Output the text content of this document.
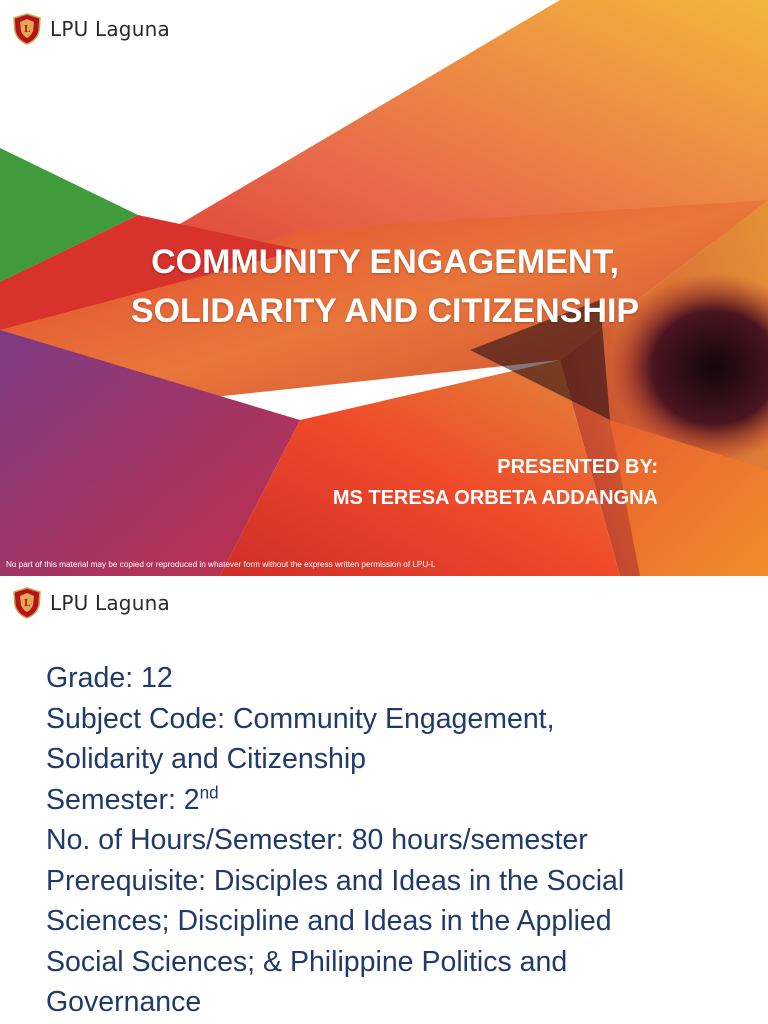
L LPU Laguna
COMMUNITY ENGAGEMENT,
SOLIDARITY AND CITIZENSHIP
PRESENTED BY:
MS TERESA ORBETA ADDANGNA
No part of this material may be copied or reproduced in whatever form without the express written permission of LPU-L
L LPU Laguna

Grade: 12

Subject Code: Community Engagement,

Solidarity and Citizenship

Semester: 2nd

No. of Hours/Semester: 80 hours/semester

Prerequisite: Disciples and Ideas in the Social

Sciences; Discipline and Ideas in the Applied

Social Sciences; & Philippine Politics and

Governance
